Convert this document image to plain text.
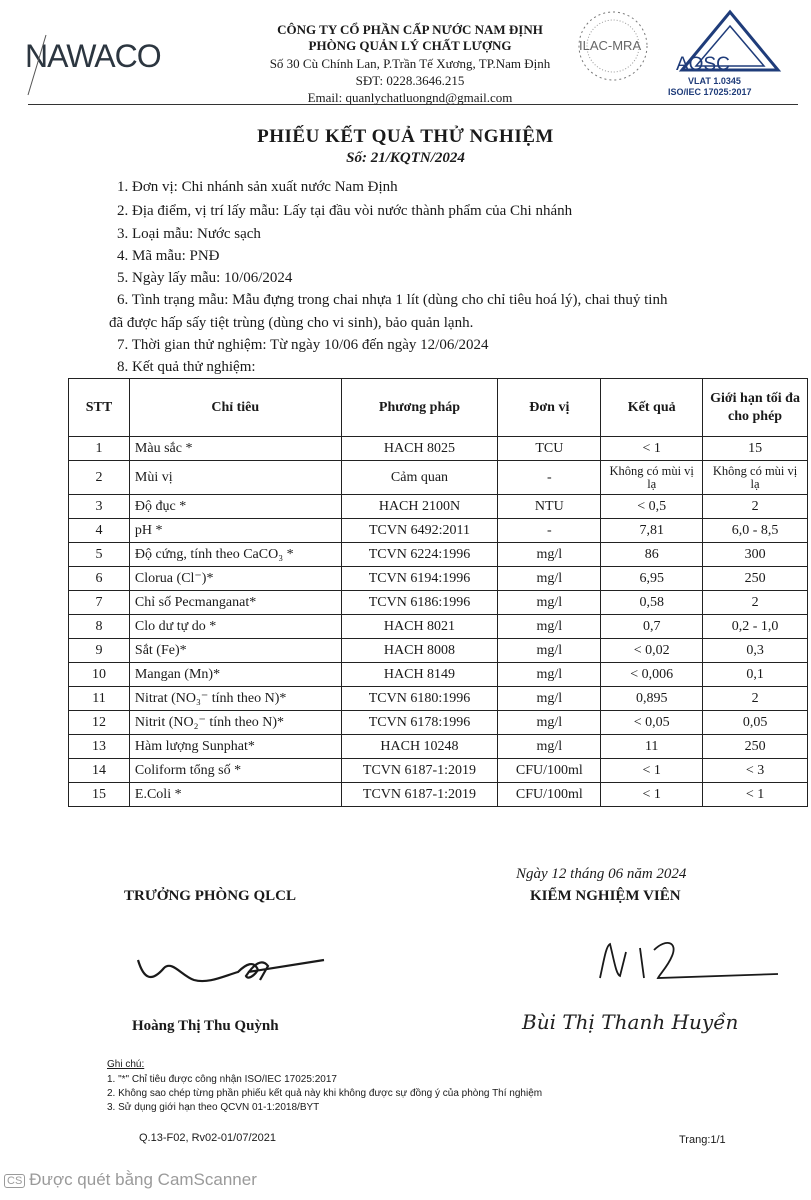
NAWACO
CÔNG TY CỔ PHẦN CẤP NƯỚC NAM ĐỊNH
PHÒNG QUẢN LÝ CHẤT LƯỢNG
Số 30 Cù Chính Lan, P.Trần Tế Xương, TP.Nam Định
SĐT: 0228.3646.215
Email: quanlychatluongnd@gmail.com
ILAC-MRA
AOSC
VLAT 1.0345
ISO/IEC 17025:2017
PHIẾU KẾT QUẢ THỬ NGHIỆM
Số: 21/KQTN/2024
1. Đơn vị: Chi nhánh sản xuất nước Nam Định
2. Địa điểm, vị trí lấy mẫu: Lấy tại đầu vòi nước thành phẩm của Chi nhánh
3. Loại mẫu: Nước sạch
4. Mã mẫu: PNĐ
5. Ngày lấy mẫu: 10/06/2024
6. Tình trạng mẫu: Mẫu đựng trong chai nhựa 1 lít (dùng cho chỉ tiêu hoá lý), chai thuỷ tinh
đã được hấp sấy tiệt trùng (dùng cho vi sinh), bảo quản lạnh.
7. Thời gian thử nghiệm: Từ ngày 10/06 đến ngày 12/06/2024
8. Kết quả thử nghiệm:
STT	Chỉ tiêu	Phương pháp	Đơn vị	Kết quả	Giới hạn tối đa cho phép
1	Màu sắc *	HACH 8025	TCU	< 1	15
2	Mùi vị	Cảm quan	-	Không có mùi vị lạ	Không có mùi vị lạ
3	Độ đục *	HACH 2100N	NTU	< 0,5	2
4	pH *	TCVN 6492:2011	-	7,81	6,0 - 8,5
5	Độ cứng, tính theo CaCO₃ *	TCVN 6224:1996	mg/l	86	300
6	Clorua (Cl⁻)*	TCVN 6194:1996	mg/l	6,95	250
7	Chỉ số Pecmanganat*	TCVN 6186:1996	mg/l	0,58	2
8	Clo dư tự do *	HACH 8021	mg/l	0,7	0,2 - 1,0
9	Sắt (Fe)*	HACH 8008	mg/l	< 0,02	0,3
10	Mangan (Mn)*	HACH 8149	mg/l	< 0,006	0,1
11	Nitrat (NO₃⁻ tính theo N)*	TCVN 6180:1996	mg/l	0,895	2
12	Nitrit (NO₂⁻ tính theo N)*	TCVN 6178:1996	mg/l	< 0,05	0,05
13	Hàm lượng Sunphat*	HACH 10248	mg/l	11	250
14	Coliform tổng số *	TCVN 6187-1:2019	CFU/100ml	< 1	< 3
15	E.Coli *	TCVN 6187-1:2019	CFU/100ml	< 1	< 1
Ngày 12 tháng 06 năm 2024
TRƯỞNG PHÒNG QLCL	KIỂM NGHIỆM VIÊN
Hoàng Thị Thu Quỳnh	Bùi Thị Thanh Huyền
Ghi chú:
1. "*" Chỉ tiêu được công nhận ISO/IEC 17025:2017
2. Không sao chép từng phần phiếu kết quả này khi không được sự đồng ý của phòng Thí nghiệm
3. Sử dụng giới hạn theo QCVN 01-1:2018/BYT
Q.13-F02, Rv02-01/07/2021	Trang:1/1
CS Được quét bằng CamScanner
